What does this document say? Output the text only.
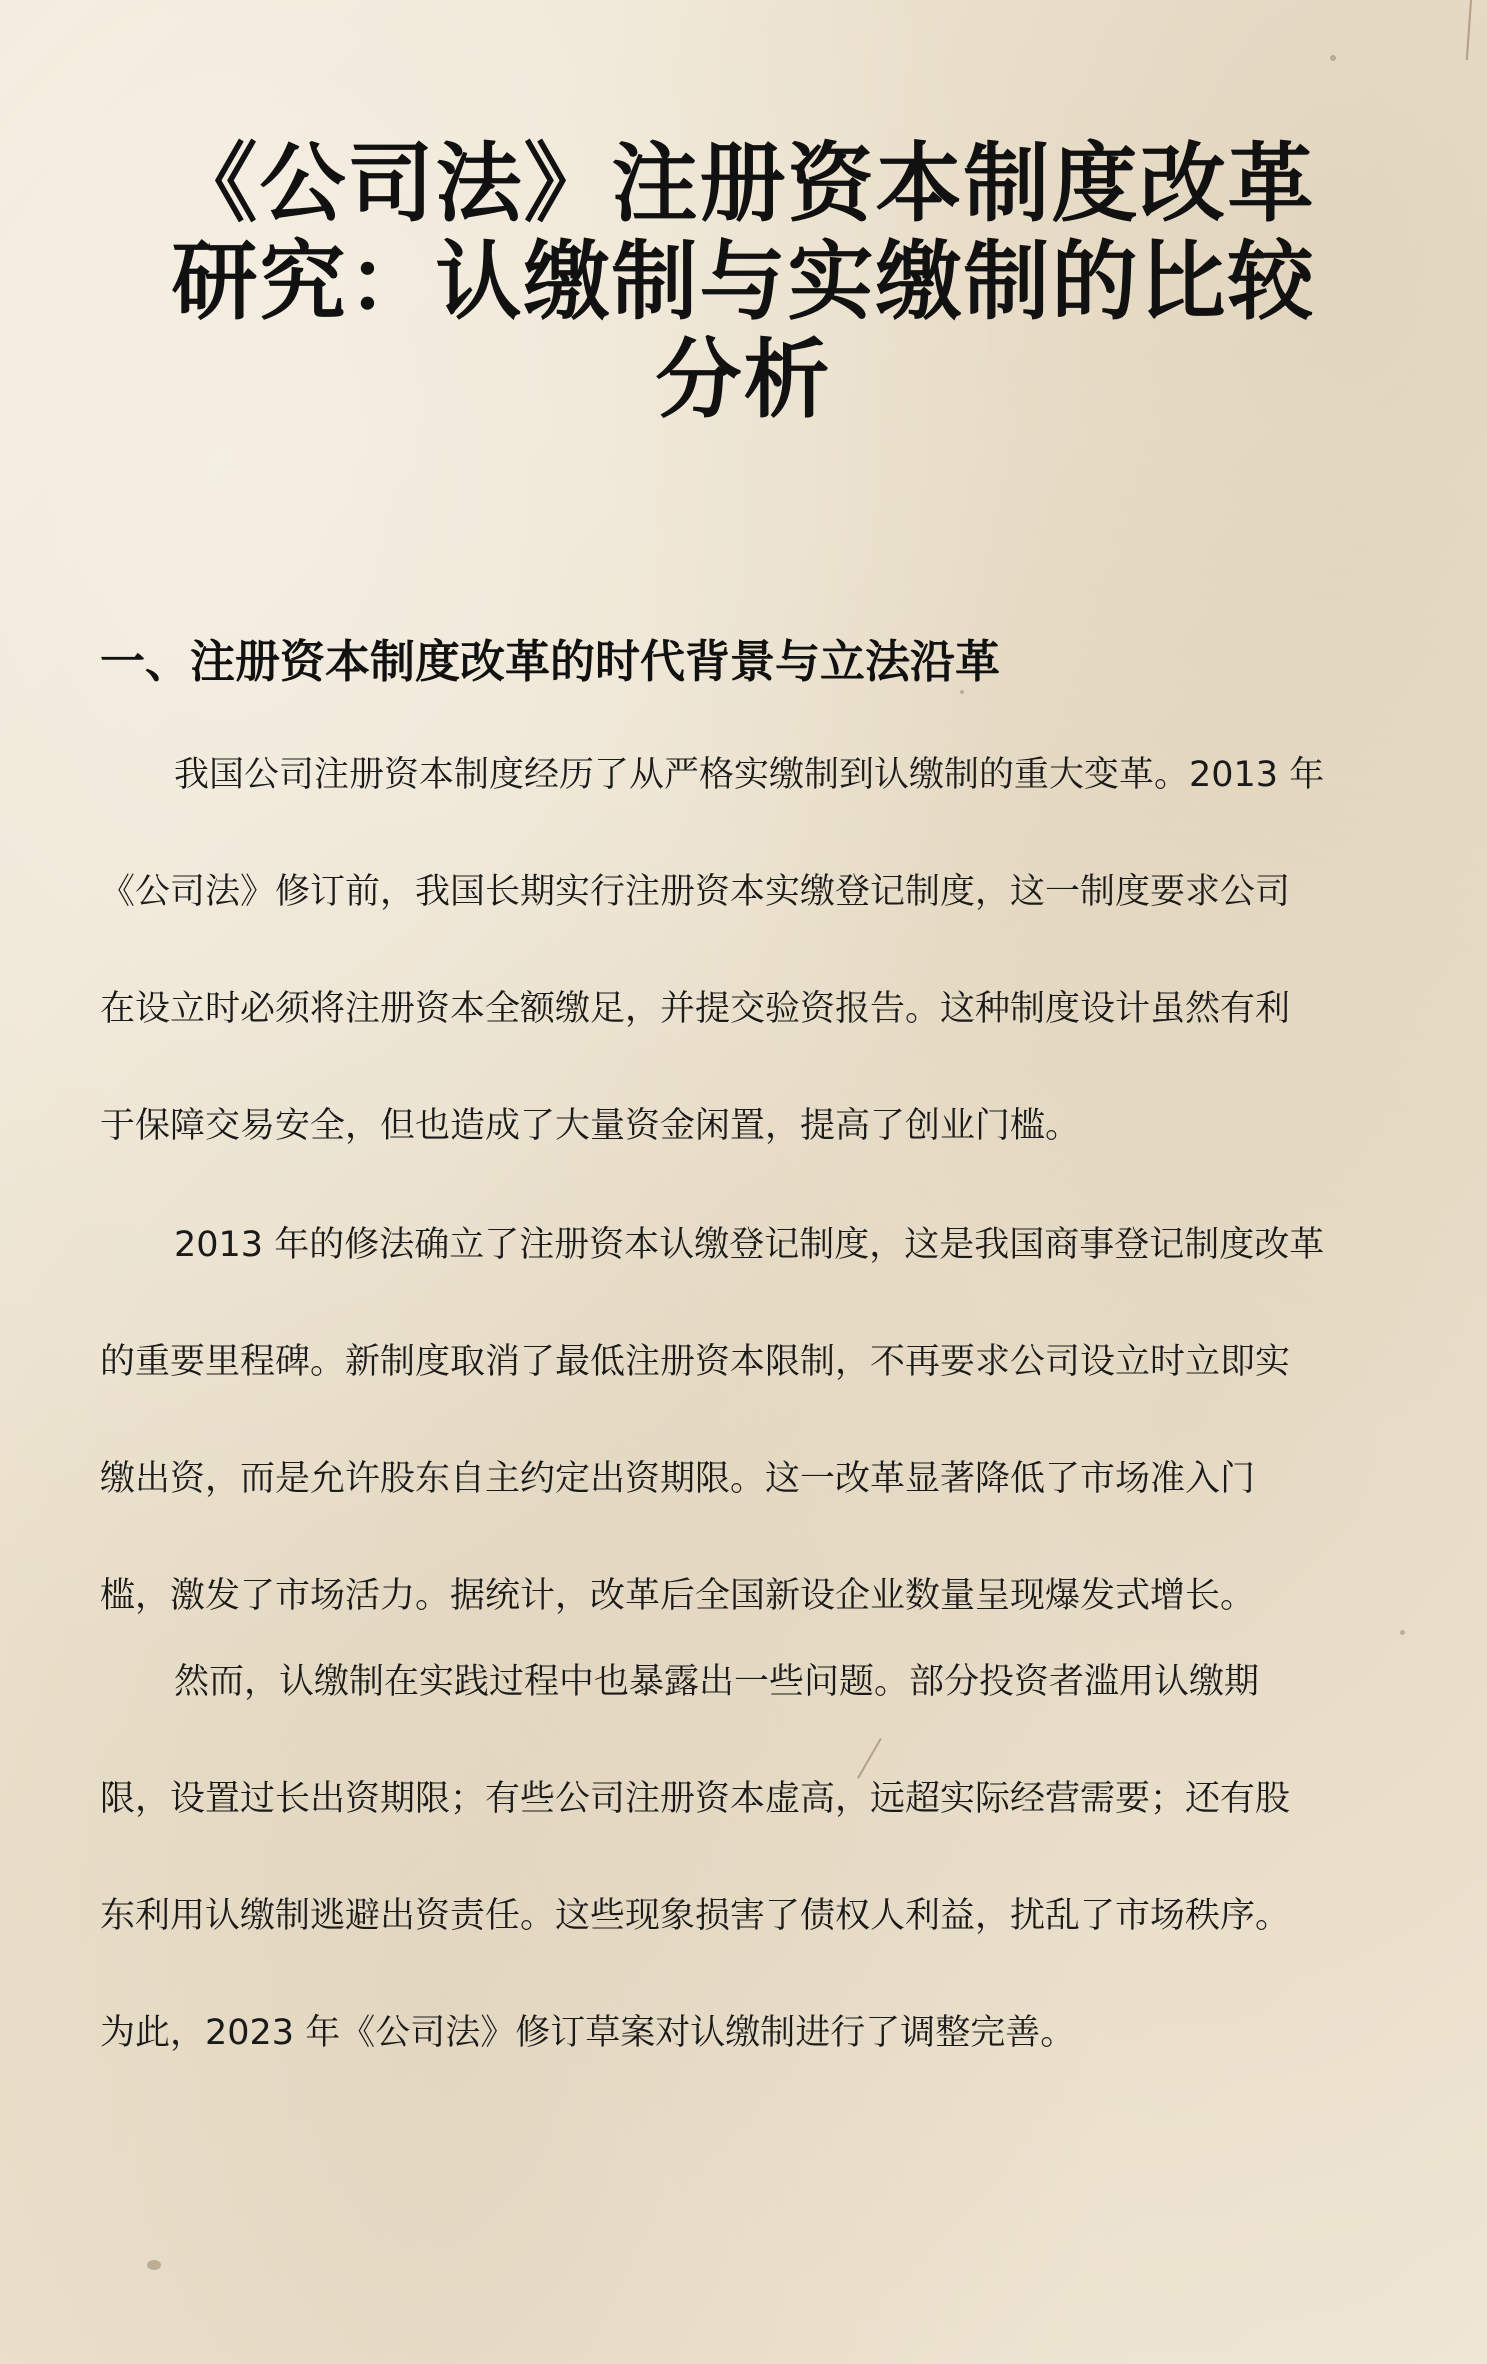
《公司法》注册资本制度改革
研究：认缴制与实缴制的比较
分析
一、注册资本制度改革的时代背景与立法沿革

我国公司注册资本制度经历了从严格实缴制到认缴制的重大变革。2013 年
《公司法》修订前，我国长期实行注册资本实缴登记制度，这一制度要求公司
在设立时必须将注册资本全额缴足，并提交验资报告。这种制度设计虽然有利
于保障交易安全，但也造成了大量资金闲置，提高了创业门槛。

2013 年的修法确立了注册资本认缴登记制度，这是我国商事登记制度改革
的重要里程碑。新制度取消了最低注册资本限制，不再要求公司设立时立即实
缴出资，而是允许股东自主约定出资期限。这一改革显著降低了市场准入门
槛，激发了市场活力。据统计，改革后全国新设企业数量呈现爆发式增长。

然而，认缴制在实践过程中也暴露出一些问题。部分投资者滥用认缴期
限，设置过长出资期限；有些公司注册资本虚高，远超实际经营需要；还有股
东利用认缴制逃避出资责任。这些现象损害了债权人利益，扰乱了市场秩序。
为此，2023 年《公司法》修订草案对认缴制进行了调整完善。
